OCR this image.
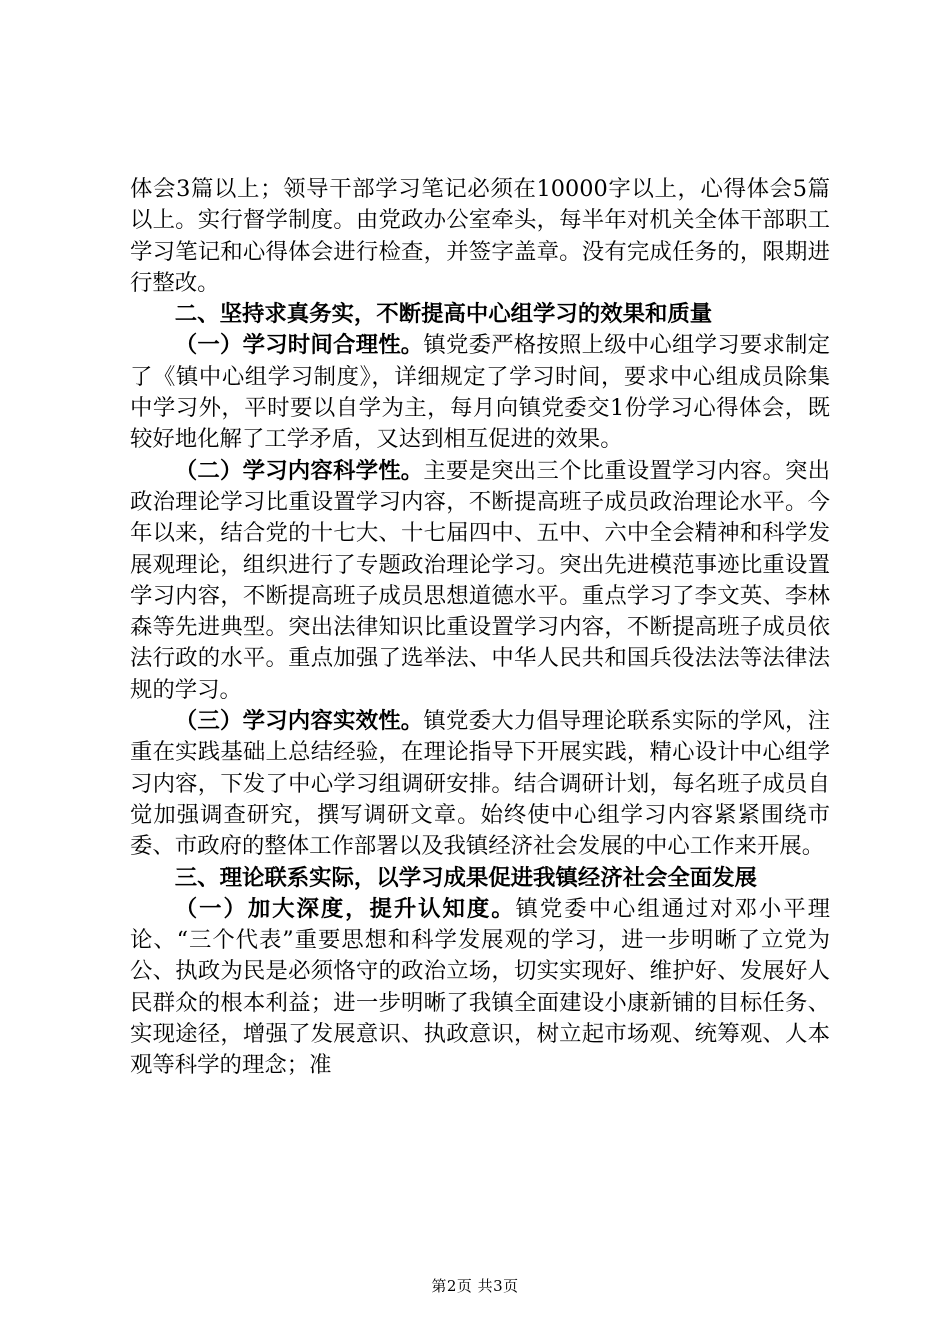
体会3篇以上；领导干部学习笔记必须在10000字以上，心得体会5篇以上。实行督学制度。由党政办公室牵头，每半年对机关全体干部职工学习笔记和心得体会进行检查，并签字盖章。没有完成任务的，限期进行整改。

二、坚持求真务实，不断提高中心组学习的效果和质量

（一）学习时间合理性。镇党委严格按照上级中心组学习要求制定了《镇中心组学习制度》，详细规定了学习时间，要求中心组成员除集中学习外，平时要以自学为主，每月向镇党委交1份学习心得体会，既较好地化解了工学矛盾，又达到相互促进的效果。

（二）学习内容科学性。主要是突出三个比重设置学习内容。突出政治理论学习比重设置学习内容，不断提高班子成员政治理论水平。今年以来，结合党的十七大、十七届四中、五中、六中全会精神和科学发展观理论，组织进行了专题政治理论学习。突出先进模范事迹比重设置学习内容，不断提高班子成员思想道德水平。重点学习了李文英、李林森等先进典型。突出法律知识比重设置学习内容，不断提高班子成员依法行政的水平。重点加强了选举法、中华人民共和国兵役法法等法律法规的学习。

（三）学习内容实效性。镇党委大力倡导理论联系实际的学风，注重在实践基础上总结经验，在理论指导下开展实践，精心设计中心组学习内容，下发了中心学习组调研安排。结合调研计划，每名班子成员自觉加强调查研究，撰写调研文章。始终使中心组学习内容紧紧围绕市委、市政府的整体工作部署以及我镇经济社会发展的中心工作来开展。

三、理论联系实际，以学习成果促进我镇经济社会全面发展

（一）加大深度，提升认知度。镇党委中心组通过对邓小平理论、“三个代表”重要思想和科学发展观的学习，进一步明晰了立党为公、执政为民是必须恪守的政治立场，切实实现好、维护好、发展好人民群众的根本利益；进一步明晰了我镇全面建设小康新铺的目标任务、实现途径，增强了发展意识、执政意识，树立起市场观、统筹观、人本观等科学的理念；准

第2页 共3页
